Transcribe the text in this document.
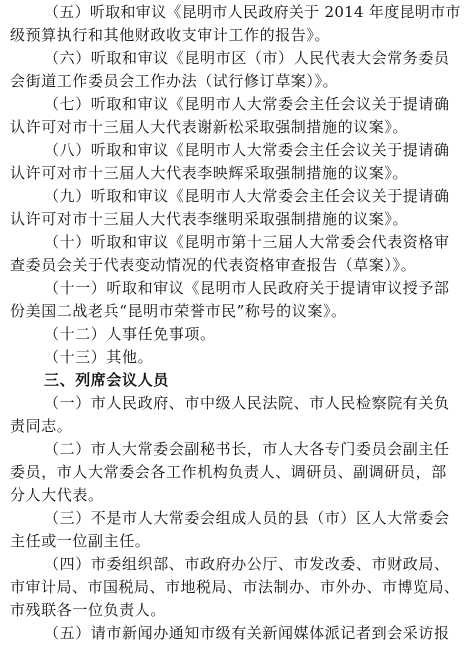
（五）听取和审议《昆明市人民政府关于 2014 年度昆明市市
级预算执行和其他财政收支审计工作的报告》。
（六）听取和审议《昆明市区（市）人民代表大会常务委员
会街道工作委员会工作办法（试行修订草案）》。
（七）听取和审议《昆明市人大常委会主任会议关于提请确
认许可对市十三届人大代表谢新松采取强制措施的议案》。
（八）听取和审议《昆明市人大常委会主任会议关于提请确
认许可对市十三届人大代表李映辉采取强制措施的议案》。
（九）听取和审议《昆明市人大常委会主任会议关于提请确
认许可对市十三届人大代表李继明采取强制措施的议案》。
（十）听取和审议《昆明市第十三届人大常委会代表资格审
查委员会关于代表变动情况的代表资格审查报告（草案）》。
（十一）听取和审议《昆明市人民政府关于提请审议授予部
份美国二战老兵“昆明市荣誉市民”称号的议案》。
（十二）人事任免事项。
（十三）其他。
三、列席会议人员
（一）市人民政府、市中级人民法院、市人民检察院有关负
责同志。
（二）市人大常委会副秘书长，市人大各专门委员会副主任
委员，市人大常委会各工作机构负责人、调研员、副调研员，部
分人大代表。
（三）不是市人大常委会组成人员的县（市）区人大常委会
主任或一位副主任。
（四）市委组织部、市政府办公厅、市发改委、市财政局、
市审计局、市国税局、市地税局、市法制办、市外办、市博览局、
市残联各一位负责人。
（五）请市新闻办通知市级有关新闻媒体派记者到会采访报
